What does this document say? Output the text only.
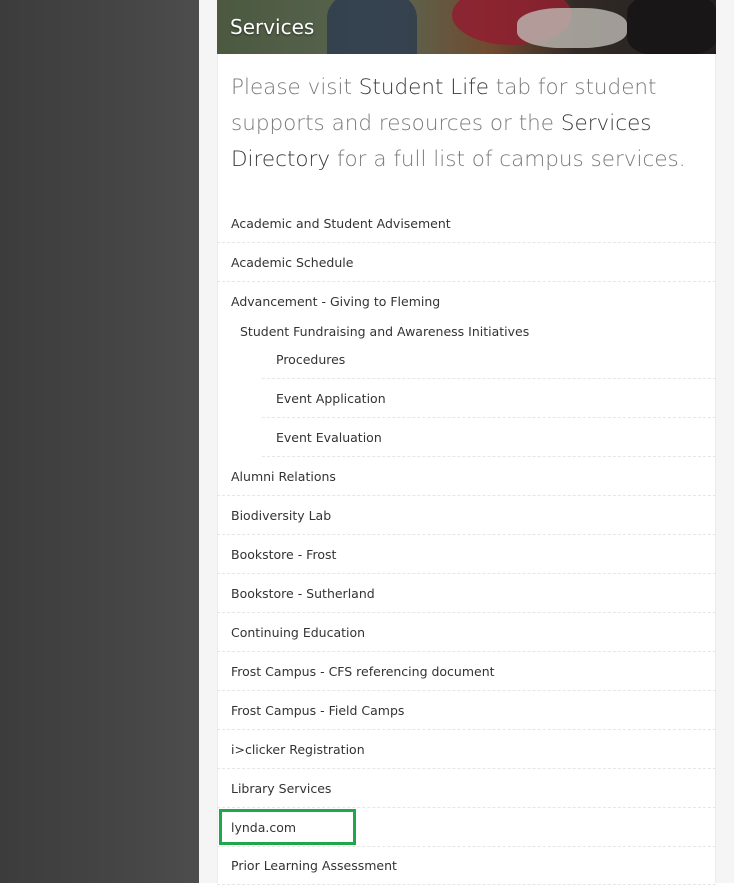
Services
Please visit Student Life tab for student supports and resources or the Services Directory for a full list of campus services.
Academic and Student Advisement
Academic Schedule
Advancement - Giving to Fleming
Student Fundraising and Awareness Initiatives
Procedures
Event Application
Event Evaluation
Alumni Relations
Biodiversity Lab
Bookstore - Frost
Bookstore - Sutherland
Continuing Education
Frost Campus - CFS referencing document
Frost Campus - Field Camps
i>clicker Registration
Library Services
lynda.com
Prior Learning Assessment
